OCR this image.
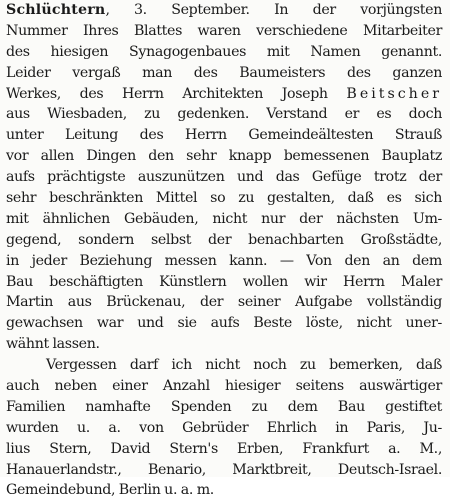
Schlüchtern, 3. September. In der vorjüngsten
Nummer Ihres Blattes waren verschiedene Mitarbeiter
des hiesigen Synagogenbaues mit Namen genannt.
Leider vergaß man des Baumeisters des ganzen
Werkes, des Herrn Architekten Joseph Beitscher
aus Wiesbaden, zu gedenken. Verstand er es doch
unter Leitung des Herrn Gemeindeältesten Strauß
vor allen Dingen den sehr knapp bemessenen Bauplatz
aufs prächtigste auszunützen und das Gefüge trotz der
sehr beschränkten Mittel so zu gestalten, daß es sich
mit ähnlichen Gebäuden, nicht nur der nächsten Um-
gegend, sondern selbst der benachbarten Großstädte,
in jeder Beziehung messen kann. — Von den an dem
Bau beschäftigten Künstlern wollen wir Herrn Maler
Martin aus Brückenau, der seiner Aufgabe vollständig
gewachsen war und sie aufs Beste löste, nicht uner-
wähnt lassen.
Vergessen darf ich nicht noch zu bemerken, daß
auch neben einer Anzahl hiesiger seitens auswärtiger
Familien namhafte Spenden zu dem Bau gestiftet
wurden u. a. von Gebrüder Ehrlich in Paris, Ju-
lius Stern, David Stern's Erben, Frankfurt a. M.,
Hanauerlandstr., Benario, Marktbreit, Deutsch-Israel.
Gemeindebund, Berlin u. a. m.
